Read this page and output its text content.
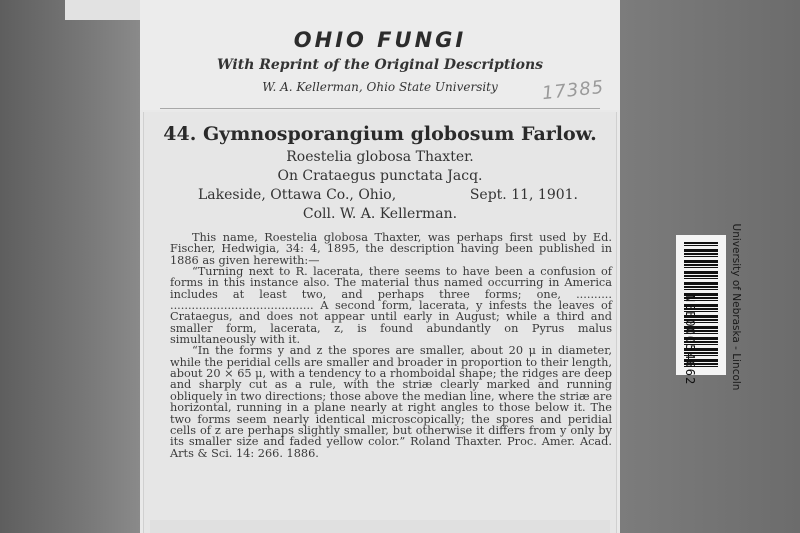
OHIO FUNGI
With Reprint of the Original Descriptions
W. A. Kellerman, Ohio State University	17385
44. Gymnosporangium globosum Farlow.
Roestelia globosa Thaxter.
On Crataegus punctata Jacq.
Lakeside, Ottawa Co., Ohio,	Sept. 11, 1901.
Coll. W. A. Kellerman.

This name, Roestelia globosa Thaxter, was perhaps first used by Ed. Fischer, Hedwigia, 34: 4, 1895, the description having been published in 1886 as given herewith:—

“Turning next to R. lacerata, there seems to have been a confusion of forms in this instance also. The material thus named occurring in America includes at least two, and perhaps three forms; one, .......... ........................................ A second form, lacerata, y infests the leaves of Crataegus, and does not appear until early in August; while a third and smaller form, lacerata, z, is found abundantly on Pyrus malus simultaneously with it.

“In the forms y and z the spores are smaller, about 20 μ in diameter, while the peridial cells are smaller and broader in proportion to their length, about 20 × 65 μ, with a tendency to a rhomboidal shape; the ridges are deep and sharply cut as a rule, with the striæ clearly marked and running obliquely in two directions; those above the median line, where the striæ are horizontal, running in a plane nearly at right angles to those below it. The two forms seem nearly identical microscopically; the spores and peridial cells of z are perhaps slightly smaller, but otherwise it differs from y only by its smaller size and faded yellow color.” Roland Thaxter. Proc. Amer. Acad. Arts & Sci. 14: 266. 1886.

NEB00054662	University of Nebraska - Lincoln
